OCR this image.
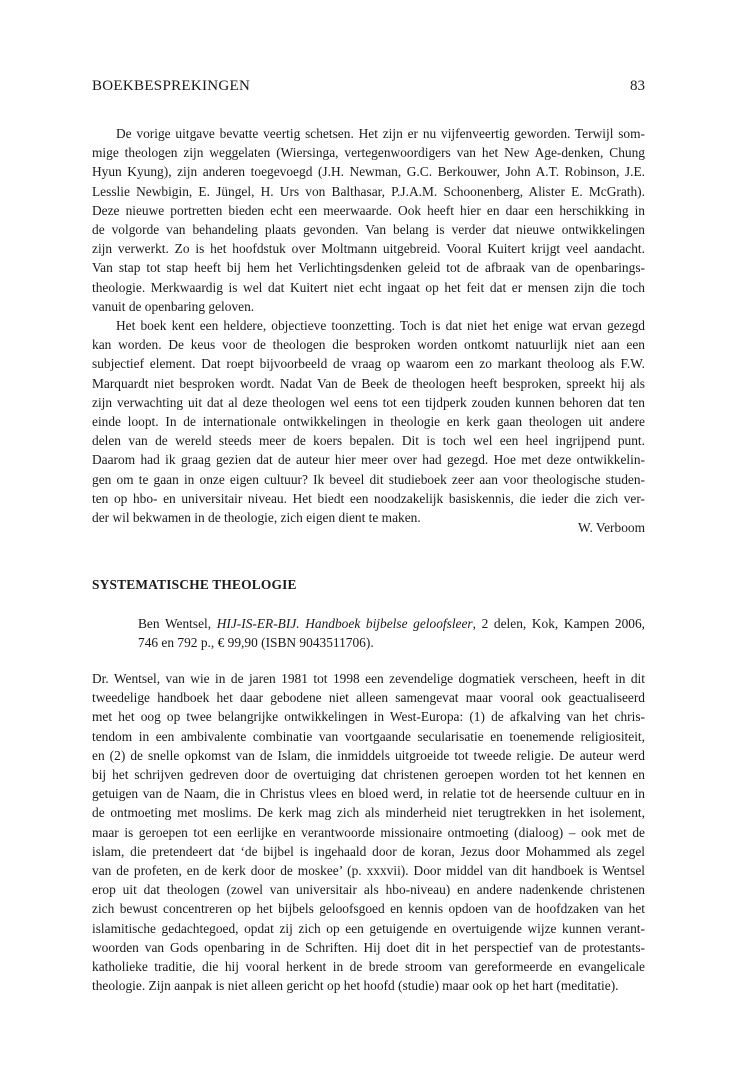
BOEKBESPREKINGEN	83
De vorige uitgave bevatte veertig schetsen. Het zijn er nu vijfenveertig geworden. Terwijl som-
mige theologen zijn weggelaten (Wiersinga, vertegenwoordigers van het New Age-denken, Chung
Hyun Kyung), zijn anderen toegevoegd (J.H. Newman, G.C. Berkouwer, John A.T. Robinson, J.E.
Lesslie Newbigin, E. Jüngel, H. Urs von Balthasar, P.J.A.M. Schoonenberg, Alister E. McGrath).
Deze nieuwe portretten bieden echt een meerwaarde. Ook heeft hier en daar een herschikking in
de volgorde van behandeling plaats gevonden. Van belang is verder dat nieuwe ontwikkelingen
zijn verwerkt. Zo is het hoofdstuk over Moltmann uitgebreid. Vooral Kuitert krijgt veel aandacht.
Van stap tot stap heeft bij hem het Verlichtingsdenken geleid tot de afbraak van de openbarings-
theologie. Merkwaardig is wel dat Kuitert niet echt ingaat op het feit dat er mensen zijn die toch
vanuit de openbaring geloven.
Het boek kent een heldere, objectieve toonzetting. Toch is dat niet het enige wat ervan gezegd
kan worden. De keus voor de theologen die besproken worden ontkomt natuurlijk niet aan een
subjectief element. Dat roept bijvoorbeeld de vraag op waarom een zo markant theoloog als F.W.
Marquardt niet besproken wordt. Nadat Van de Beek de theologen heeft besproken, spreekt hij als
zijn verwachting uit dat al deze theologen wel eens tot een tijdperk zouden kunnen behoren dat ten
einde loopt. In de internationale ontwikkelingen in theologie en kerk gaan theologen uit andere
delen van de wereld steeds meer de koers bepalen. Dit is toch wel een heel ingrijpend punt.
Daarom had ik graag gezien dat de auteur hier meer over had gezegd. Hoe met deze ontwikkelin-
gen om te gaan in onze eigen cultuur? Ik beveel dit studieboek zeer aan voor theologische studen-
ten op hbo- en universitair niveau. Het biedt een noodzakelijk basiskennis, die ieder die zich ver-
der wil bekwamen in de theologie, zich eigen dient te maken.
W. Verboom
SYSTEMATISCHE THEOLOGIE
Ben Wentsel, HIJ-IS-ER-BIJ. Handboek bijbelse geloofsleer, 2 delen, Kok, Kampen 2006,
746 en 792 p., € 99,90 (ISBN 9043511706).
Dr. Wentsel, van wie in de jaren 1981 tot 1998 een zevendelige dogmatiek verscheen, heeft in dit
tweedelige handboek het daar gebodene niet alleen samengevat maar vooral ook geactualiseerd
met het oog op twee belangrijke ontwikkelingen in West-Europa: (1) de afkalving van het chris-
tendom in een ambivalente combinatie van voortgaande secularisatie en toenemende religiositeit,
en (2) de snelle opkomst van de Islam, die inmiddels uitgroeide tot tweede religie. De auteur werd
bij het schrijven gedreven door de overtuiging dat christenen geroepen worden tot het kennen en
getuigen van de Naam, die in Christus vlees en bloed werd, in relatie tot de heersende cultuur en in
de ontmoeting met moslims. De kerk mag zich als minderheid niet terugtrekken in het isolement,
maar is geroepen tot een eerlijke en verantwoorde missionaire ontmoeting (dialoog) – ook met de
islam, die pretendeert dat ‘de bijbel is ingehaald door de koran, Jezus door Mohammed als zegel
van de profeten, en de kerk door de moskee’ (p. xxxvii). Door middel van dit handboek is Wentsel
erop uit dat theologen (zowel van universitair als hbo-niveau) en andere nadenkende christenen
zich bewust concentreren op het bijbels geloofsgoed en kennis opdoen van de hoofdzaken van het
islamitische gedachtegoed, opdat zij zich op een getuigende en overtuigende wijze kunnen verant-
woorden van Gods openbaring in de Schriften. Hij doet dit in het perspectief van de protestants-
katholieke traditie, die hij vooral herkent in de brede stroom van gereformeerde en evangelicale
theologie. Zijn aanpak is niet alleen gericht op het hoofd (studie) maar ook op het hart (meditatie).
